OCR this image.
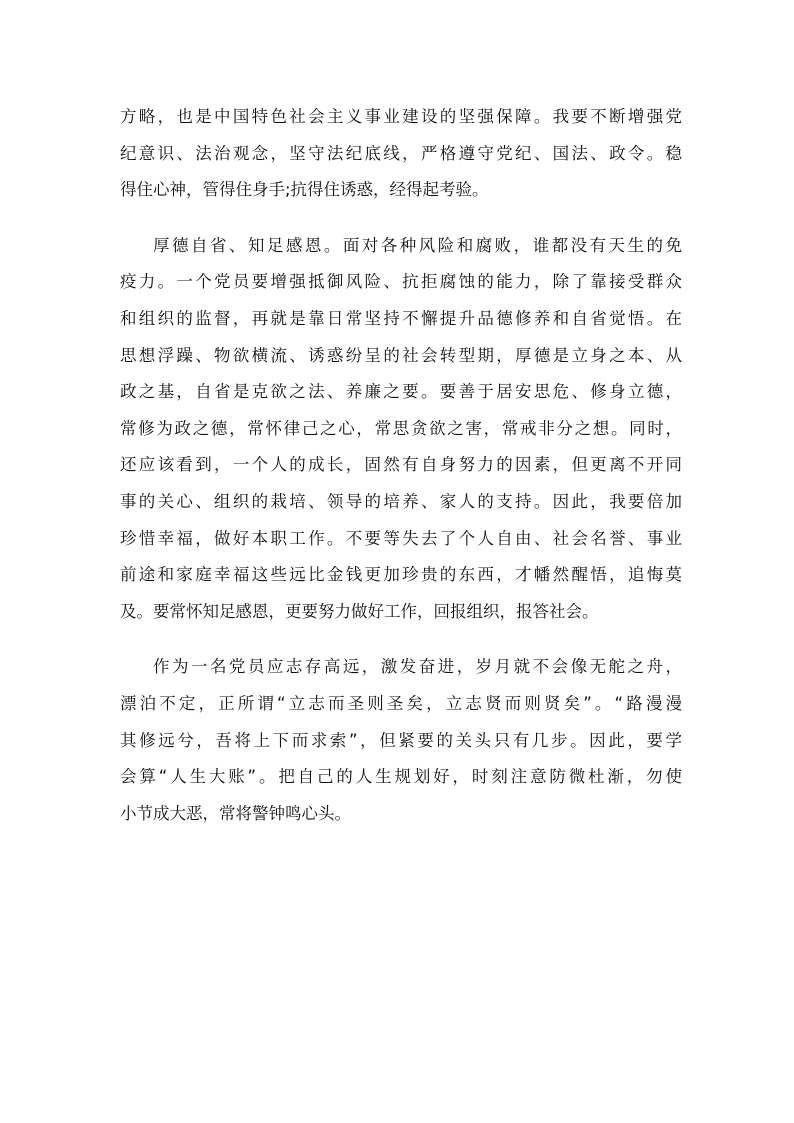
方略，也是中国特色社会主义事业建设的坚强保障。我要不断增强党
纪意识、法治观念，坚守法纪底线，严格遵守党纪、国法、政令。稳
得住心神，管得住身手;抗得住诱惑，经得起考验。

厚德自省、知足感恩。面对各种风险和腐败，谁都没有天生的免
疫力。一个党员要增强抵御风险、抗拒腐蚀的能力，除了靠接受群众
和组织的监督，再就是靠日常坚持不懈提升品德修养和自省觉悟。在
思想浮躁、物欲横流、诱惑纷呈的社会转型期，厚德是立身之本、从
政之基，自省是克欲之法、养廉之要。要善于居安思危、修身立德，
常修为政之德，常怀律己之心，常思贪欲之害，常戒非分之想。同时，
还应该看到，一个人的成长，固然有自身努力的因素，但更离不开同
事的关心、组织的栽培、领导的培养、家人的支持。因此，我要倍加
珍惜幸福，做好本职工作。不要等失去了个人自由、社会名誉、事业
前途和家庭幸福这些远比金钱更加珍贵的东西，才幡然醒悟，追悔莫
及。要常怀知足感恩，更要努力做好工作，回报组织，报答社会。

作为一名党员应志存高远，激发奋进，岁月就不会像无舵之舟，
漂泊不定，正所谓“立志而圣则圣矣，立志贤而则贤矣”。“路漫漫
其修远兮，吾将上下而求索”，但紧要的关头只有几步。因此，要学
会算“人生大账”。把自己的人生规划好，时刻注意防微杜渐，勿使
小节成大恶，常将警钟鸣心头。
